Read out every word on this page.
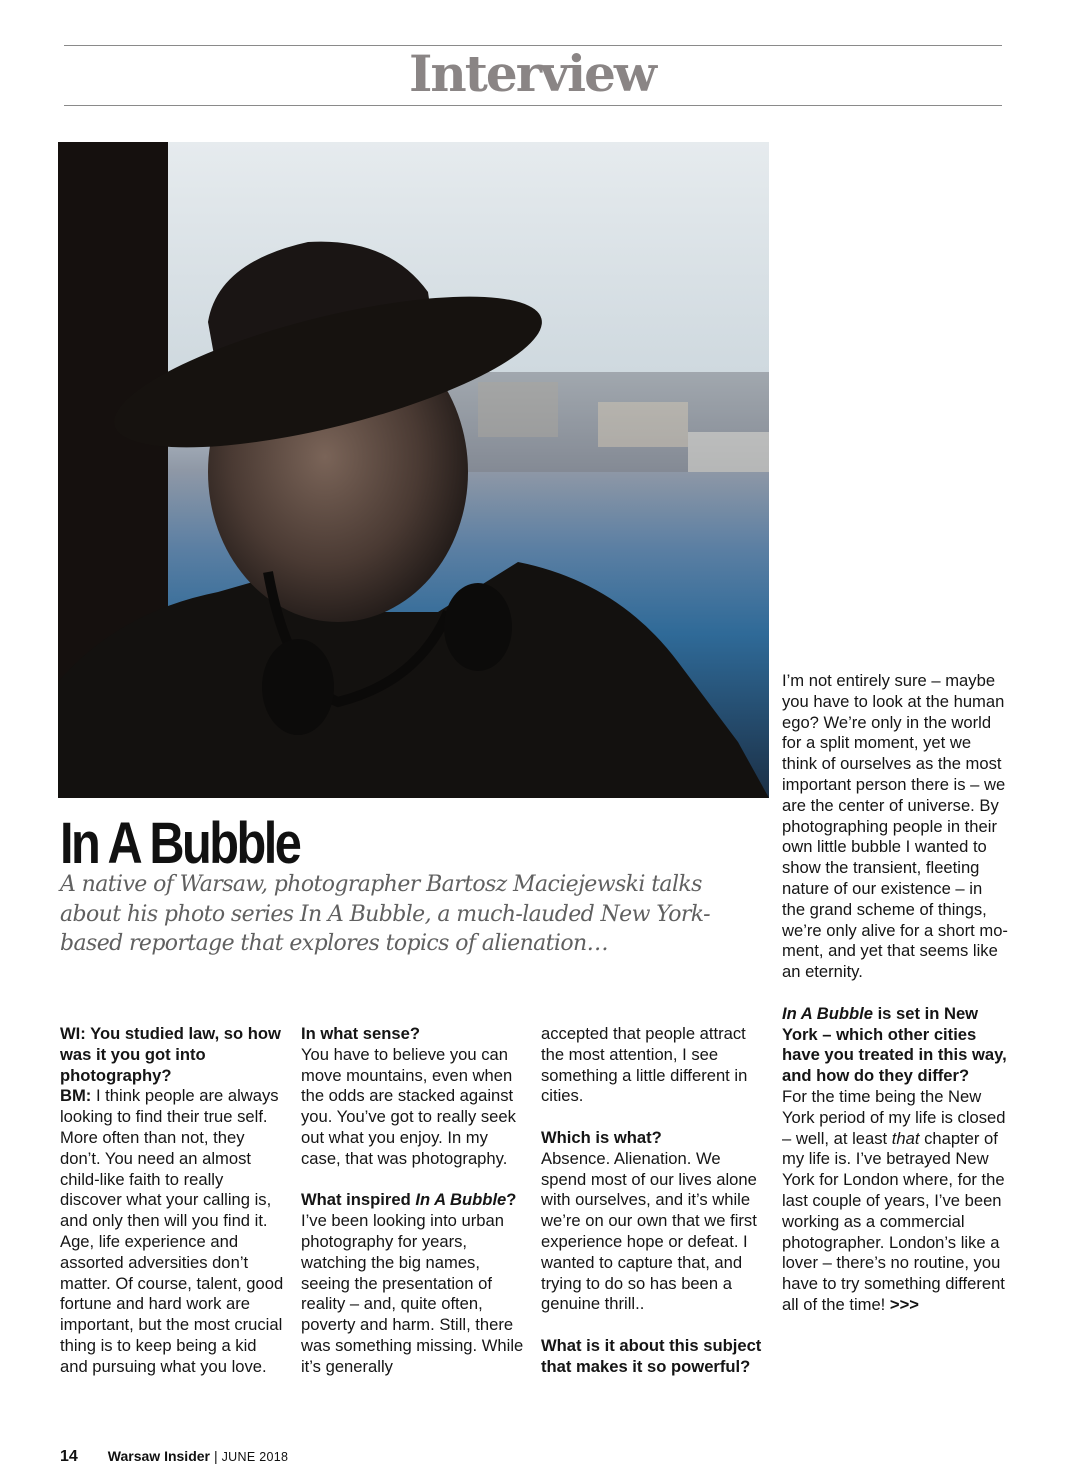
Interview
In A Bubble

A native of Warsaw, photographer Bartosz Maciejewski talks about his photo series In A Bubble, a much-lauded New York-based reportage that explores topics of alienation…

WI: You studied law, so how was it you got into photography?
BM: I think people are always looking to find their true self. More often than not, they don’t. You need an almost child-like faith to really discover what your calling is, and only then will you find it. Age, life experience and assorted adversities don’t matter. Of course, talent, good fortune and hard work are important, but the most crucial thing is to keep being a kid and pursuing what you love.

In what sense?
You have to believe you can move mountains, even when the odds are stacked against you. You’ve got to really seek out what you enjoy. In my case, that was photography.

What inspired In A Bubble?
I’ve been looking into urban photography for years, watching the big names, seeing the presentation of reality – and, quite often, poverty and harm. Still, there was something missing. While it’s generally

accepted that people attract the most attention, I see something a little different in cities.

Which is what?
Absence. Alienation. We spend most of our lives alone with ourselves, and it’s while we’re on our own that we first experience hope or defeat. I wanted to capture that, and trying to do so has been a genuine thrill..

What is it about this subject that makes it so powerful?

I’m not entirely sure – maybe you have to look at the human ego? We’re only in the world for a split moment, yet we think of ourselves as the most important person there is – we are the center of universe. By photographing people in their own little bubble I wanted to show the transient, fleeting nature of our existence – in the grand scheme of things, we’re only alive for a short moment, and yet that seems like an eternity.

In A Bubble is set in New York – which other cities have you treated in this way, and how do they differ?
For the time being the New York period of my life is closed – well, at least that chapter of my life is. I’ve betrayed New York for London where, for the last couple of years, I’ve been working as a commercial photographer. London’s like a lover – there’s no routine, you have to try something different all of the time! >>>

14 Warsaw Insider | JUNE 2018
